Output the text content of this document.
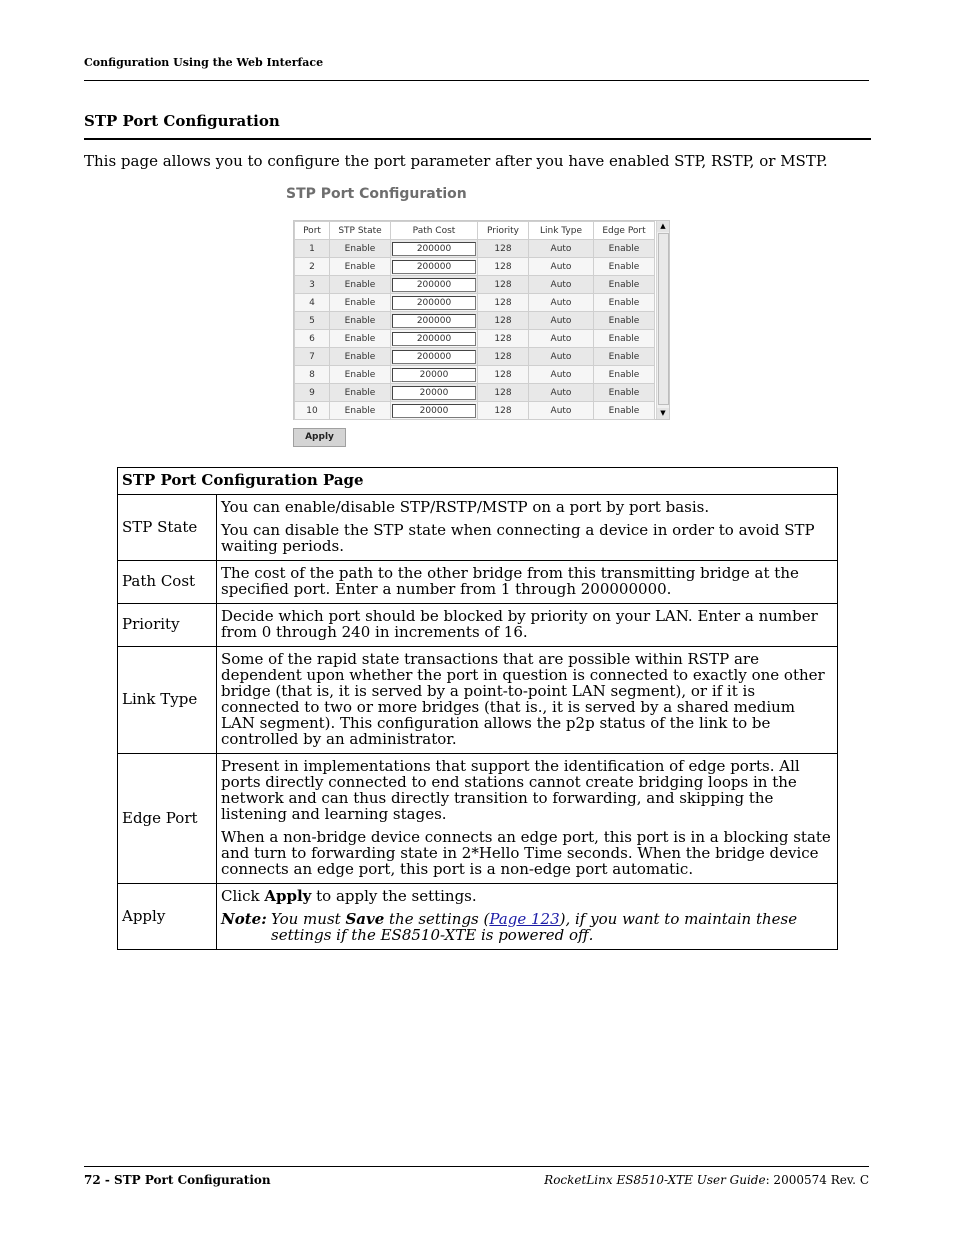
Configuration Using the Web Interface
STP Port Configuration
This page allows you to configure the port parameter after you have enabled STP, RSTP, or MSTP.
STP Port Configuration
Port	STP State	Path Cost	Priority	Link Type	Edge Port
1	Enable	200000	128	Auto	Enable
2	Enable	200000	128	Auto	Enable
3	Enable	200000	128	Auto	Enable
4	Enable	200000	128	Auto	Enable
5	Enable	200000	128	Auto	Enable
6	Enable	200000	128	Auto	Enable
7	Enable	200000	128	Auto	Enable
8	Enable	20000	128	Auto	Enable
9	Enable	20000	128	Auto	Enable
10	Enable	20000	128	Auto	Enable
▲
▼
Apply
STP Port Configuration Page	
STP State	You can enable/disable STP/RSTP/MSTP on a port by port basis.

You can disable the STP state when connecting a device in order to avoid STP waiting periods.

Path Cost	The cost of the path to the other bridge from this transmitting bridge at the specified port. Enter a number from 1 through 200000000.

Priority	Decide which port should be blocked by priority on your LAN. Enter a number from 0 through 240 in increments of 16.

Link Type	Some of the rapid state transactions that are possible within RSTP are dependent upon whether the port in question is connected to exactly one other bridge (that is, it is served by a point-to-point LAN segment), or if it is connected to two or more bridges (that is., it is served by a shared medium LAN segment). This configuration allows the p2p status of the link to be controlled by an administrator.

Edge Port	Present in implementations that support the identification of edge ports. All ports directly connected to end stations cannot create bridging loops in the network and can thus directly transition to forwarding, and skipping the listening and learning stages.

When a non-bridge device connects an edge port, this port is in a blocking state and turn to forwarding state in 2*Hello Time seconds. When the bridge device connects an edge port, this port is a non-edge port automatic.

Apply	Click Apply to apply the settings.

Note: You must Save the settings (Page 123), if you want to maintain these settings if the ES8510-XTE is powered off.
72 - STP Port Configuration	RocketLinx ES8510-XTE User Guide: 2000574 Rev. C
